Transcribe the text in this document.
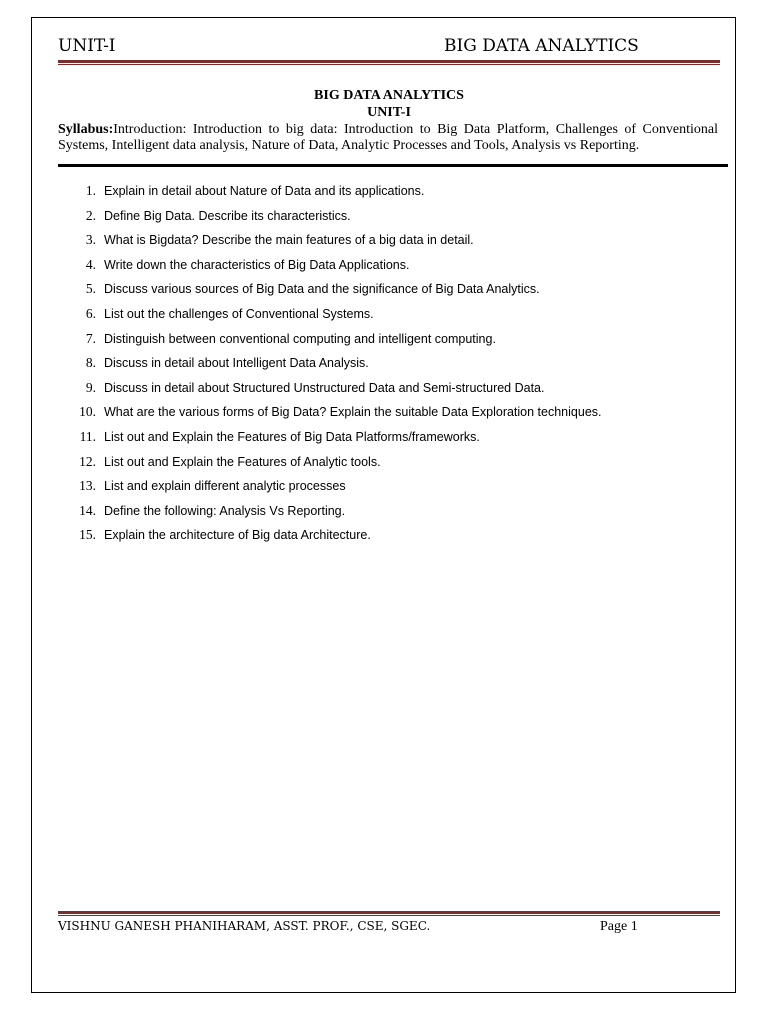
UNIT-I	BIG DATA ANALYTICS
BIG DATA ANALYTICS
UNIT-I
Syllabus:Introduction: Introduction to big data: Introduction to Big Data Platform, Challenges of Conventional Systems, Intelligent data analysis, Nature of Data, Analytic Processes and Tools, Analysis vs Reporting.
1. Explain in detail about Nature of Data and its applications.
2. Define Big Data. Describe its characteristics.
3. What is Bigdata? Describe the main features of a big data in detail.
4. Write down the characteristics of Big Data Applications.
5. Discuss various sources of Big Data and the significance of Big Data Analytics.
6. List out the challenges of Conventional Systems.
7. Distinguish between conventional computing and intelligent computing.
8. Discuss in detail about Intelligent Data Analysis.
9. Discuss in detail about Structured Unstructured Data and Semi-structured Data.
10. What are the various forms of Big Data? Explain the suitable Data Exploration techniques.
11. List out and Explain the Features of Big Data Platforms/frameworks.
12. List out and Explain the Features of Analytic tools.
13. List and explain different analytic processes
14. Define the following: Analysis Vs Reporting.
15. Explain the architecture of Big data Architecture.
VISHNU GANESH PHANIHARAM, ASST. PROF., CSE, SGEC.	Page 1
